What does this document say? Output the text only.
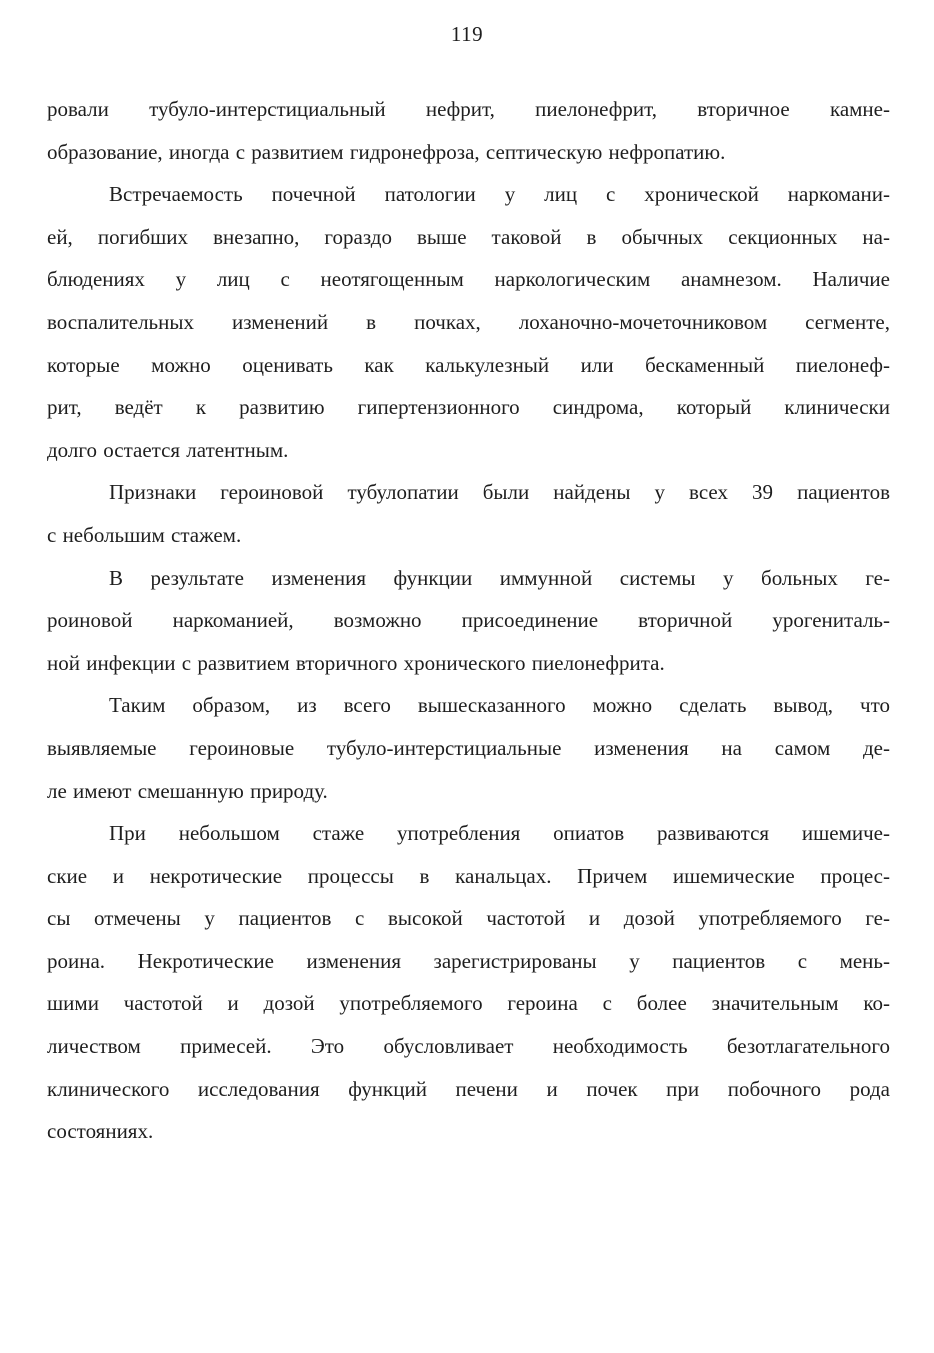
119
ровали тубуло-интерстициальный нефрит, пиелонефрит, вторичное камне-
образование, иногда с развитием гидронефроза, септическую нефропатию.
Встречаемость почечной патологии у лиц с хронической наркомани-
ей, погибших внезапно, гораздо выше таковой в обычных секционных на-
блюдениях у лиц с неотягощенным наркологическим анамнезом. Наличие
воспалительных изменений в почках, лоханочно-мочеточниковом сегменте,
которые можно оценивать как калькулезный или бескаменный пиелонеф-
рит, ведёт к развитию гипертензионного синдрома, который клинически
долго остается латентным.
Признаки героиновой тубулопатии были найдены у всех 39 пациентов
с небольшим стажем.
В результате изменения функции иммунной системы у больных ге-
роиновой наркоманией, возможно присоединение вторичной урогениталь-
ной инфекции с развитием вторичного хронического пиелонефрита.
Таким образом, из всего вышесказанного можно сделать вывод, что
выявляемые героиновые тубуло-интерстициальные изменения на самом де-
ле имеют смешанную природу.
При небольшом стаже употребления опиатов развиваются ишемиче-
ские и некротические процессы в канальцах. Причем ишемические процес-
сы отмечены у пациентов с высокой частотой и дозой употребляемого ге-
роина. Некротические изменения зарегистрированы у пациентов с мень-
шими частотой и дозой употребляемого героина с более значительным ко-
личеством примесей. Это обусловливает необходимость безотлагательного
клинического исследования функций печени и почек при побочного рода
состояниях.
